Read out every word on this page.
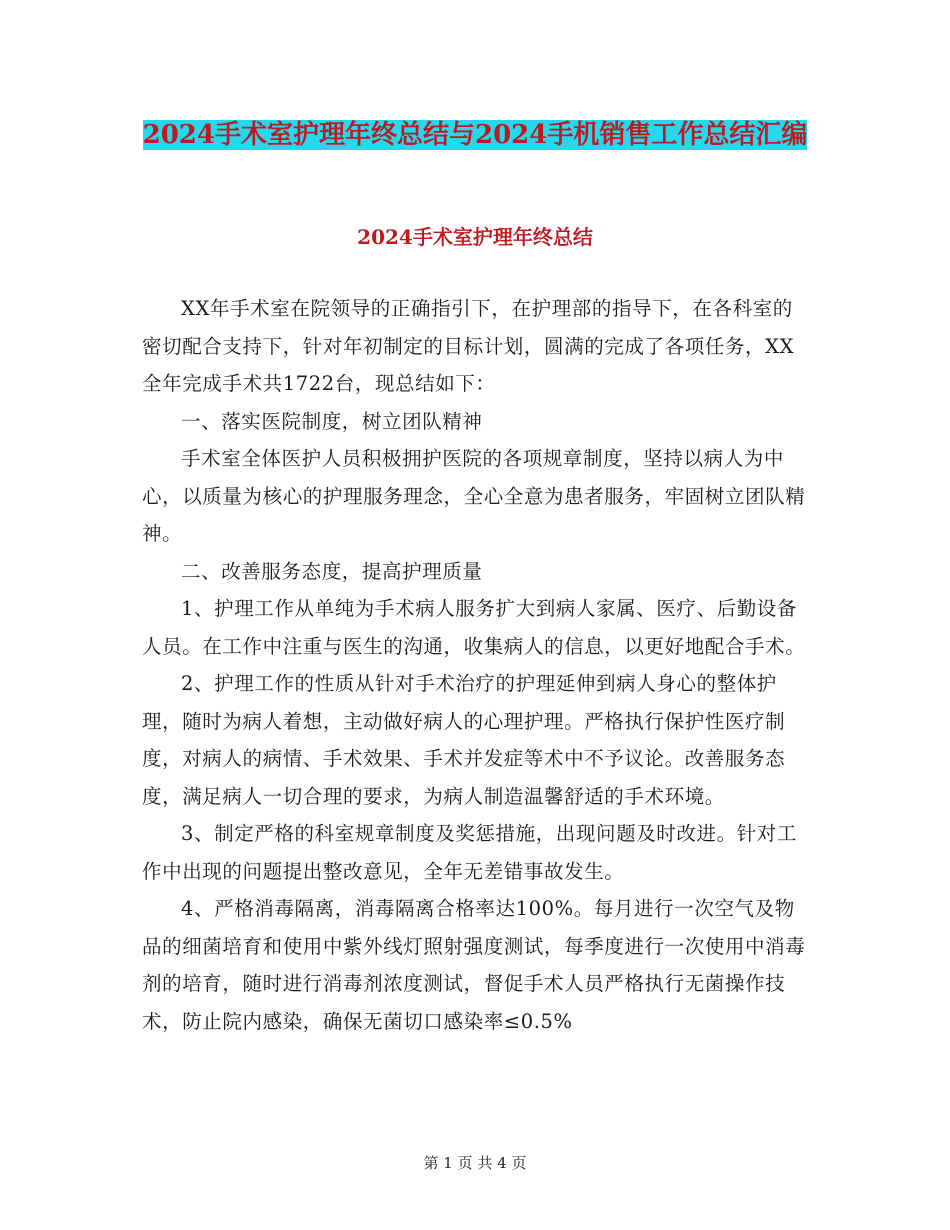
2024手术室护理年终总结与2024手机销售工作总结汇编
2024手术室护理年终总结

XX年手术室在院领导的正确指引下，在护理部的指导下，在各科室的密切配合支持下，针对年初制定的目标计划，圆满的完成了各项任务，XX全年完成手术共1722台，现总结如下：

一、落实医院制度，树立团队精神

手术室全体医护人员积极拥护医院的各项规章制度，坚持以病人为中心，以质量为核心的护理服务理念，全心全意为患者服务，牢固树立团队精神。

二、改善服务态度，提高护理质量

1、护理工作从单纯为手术病人服务扩大到病人家属、医疗、后勤设备人员。在工作中注重与医生的沟通，收集病人的信息，以更好地配合手术。

2、护理工作的性质从针对手术治疗的护理延伸到病人身心的整体护理，随时为病人着想，主动做好病人的心理护理。严格执行保护性医疗制度，对病人的病情、手术效果、手术并发症等术中不予议论。改善服务态度，满足病人一切合理的要求，为病人制造温馨舒适的手术环境。

3、制定严格的科室规章制度及奖惩措施，出现问题及时改进。针对工作中出现的问题提出整改意见，全年无差错事故发生。

4、严格消毒隔离，消毒隔离合格率达100%。每月进行一次空气及物品的细菌培育和使用中紫外线灯照射强度测试，每季度进行一次使用中消毒剂的培育，随时进行消毒剂浓度测试，督促手术人员严格执行无菌操作技术，防止院内感染，确保无菌切口感染率≤0.5%

第 1 页 共 4 页
